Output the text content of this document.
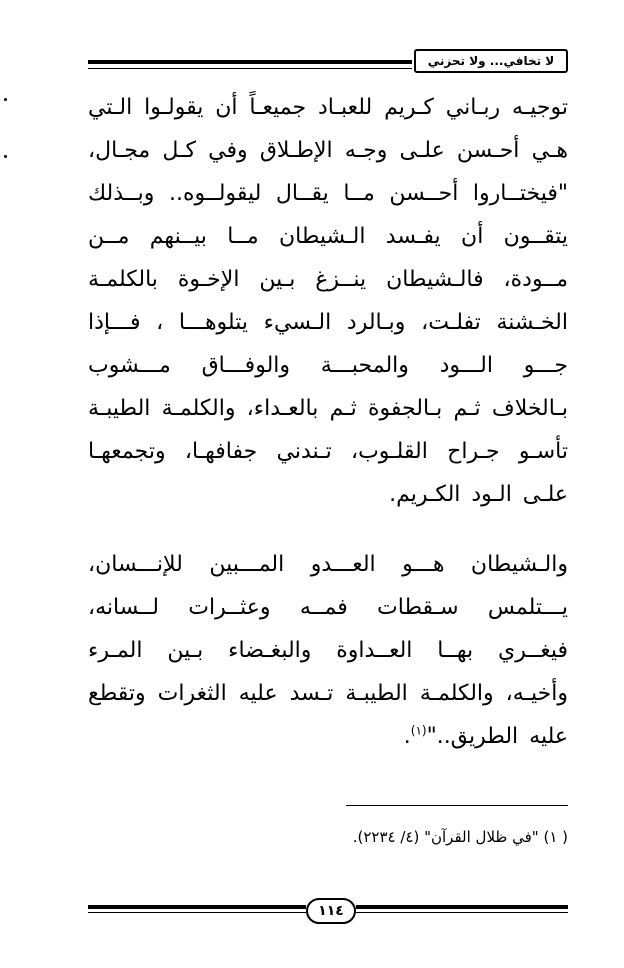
لا تخافي... ولا تحزني

توجيـه ربـاني كـريم للعبـاد جميعـاً أن يقولـوا الـتي هـي أحـسن علـى وجـه الإطـلاق وفي كـل مجـال، "فيختــاروا أحــسن مــا يقــال ليقولــوه.. وبــذلك يتقــون أن يفـسد الـشيطان مــا بيــنهم مــن مــودة، فالـشيطان ينــزغ بـين الإخـوة بالكلمـة الخـشنة تفلـت، وبـالرد الـسيء يتلوهـــا ، فـــإذا جـــو الـــود والمحبـــة والوفـــاق مـــشوب بـالخلاف ثـم بـالجفوة ثـم بالعـداء، والكلمـة الطيبـة تأسـو جـراح القلـوب، تـندني جفافهـا، وتجمعهـا علـى الـود الكـريم.

والـشيطان هـــو العـــدو المـــبين للإنـــسان، يـــتلمس سـقطات فمــه وعثــرات لــسانه، فيغــري بهــا العــداوة والبغـضاء بـين المـرء وأخيـه، والكلمـة الطيبـة تـسد عليه الثغرات وتقطع عليه الطريق.."$^{(١)}$.

( ١) "في ظلال القرآن" (٤/ ٢٢٣٤).
١١٤
